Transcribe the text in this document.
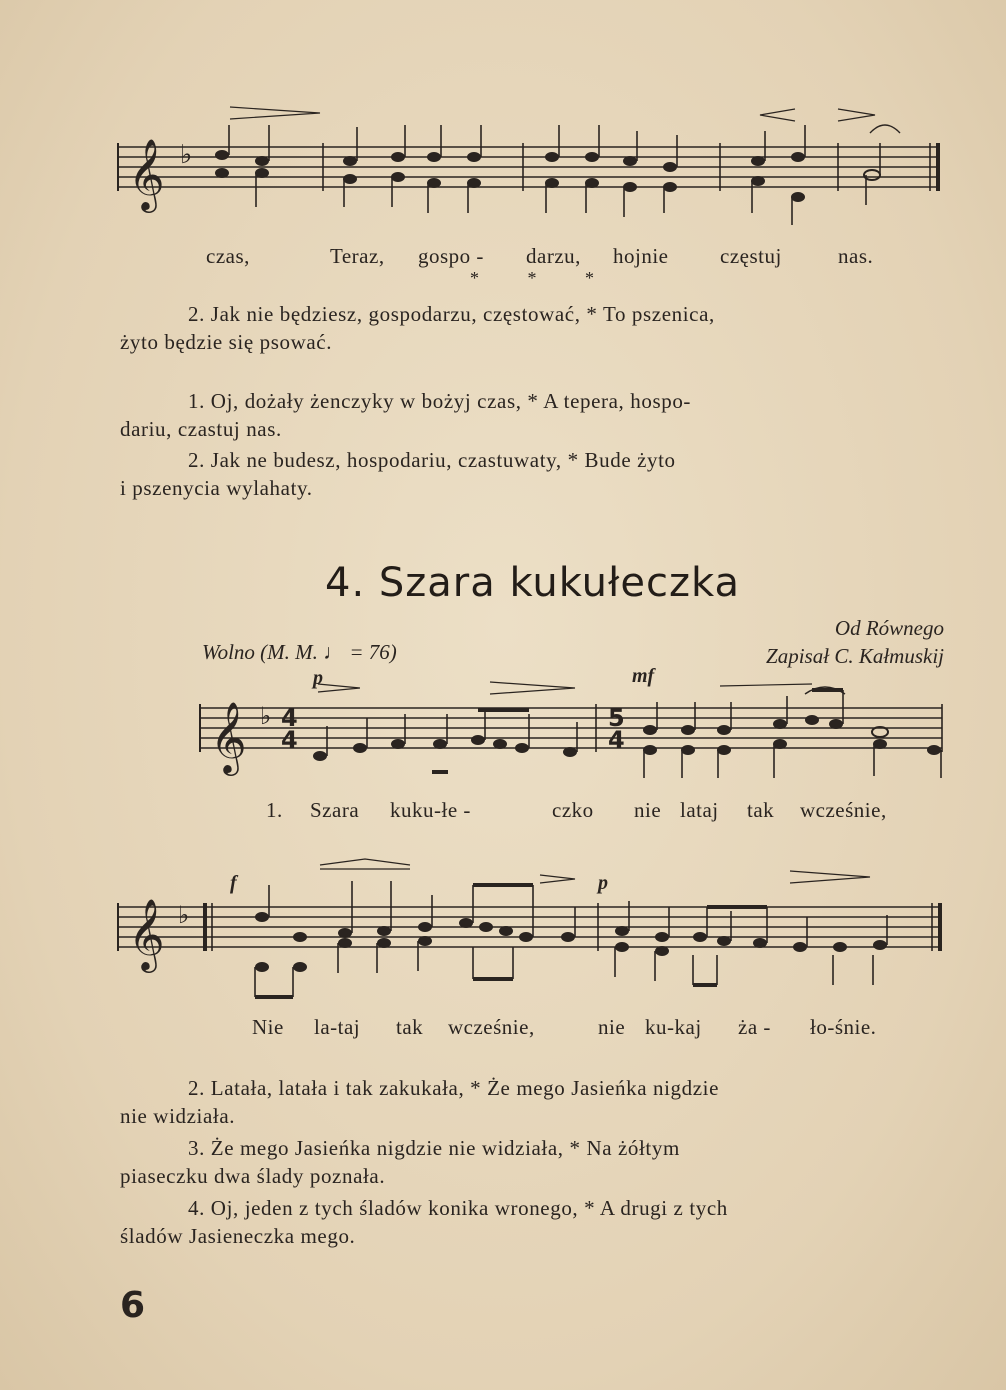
𝄞 ♭
czas,	Teraz, gospo - darzu, hojnie częstuj	nas.
2. Jak nie będziesz, gospodarzu, częstować, * To pszenica,
żyto będzie się psować.
* * *
1. Oj, dożały żenczyky w bożyj czas, * A tepera, hospo-
dariu, czastuj nas.
2. Jak ne budesz, hospodariu, czastuwaty, * Bude żyto
i pszenycia wylahaty.
4. Szara kukułeczka
Od Równego
Zapisał C. Kałmuskij
Wolno (M. M. ♩ = 76)
p	mf
𝄞 ♭ 4
4
5
4
1. Szara kuku-łe -	czko nie lataj tak wcześnie,
f	p
𝄞 ♭
Nie la-taj tak wcześnie,	nie ku-kaj ża - ło-śnie.
2. Latała, latała i tak zakukała, * Że mego Jasieńka nigdzie
nie widziała.
3. Że mego Jasieńka nigdzie nie widziała, * Na żółtym
piaseczku dwa ślady poznała.
4. Oj, jeden z tych śladów konika wronego, * A drugi z tych
śladów Jasieneczka mego.
6
